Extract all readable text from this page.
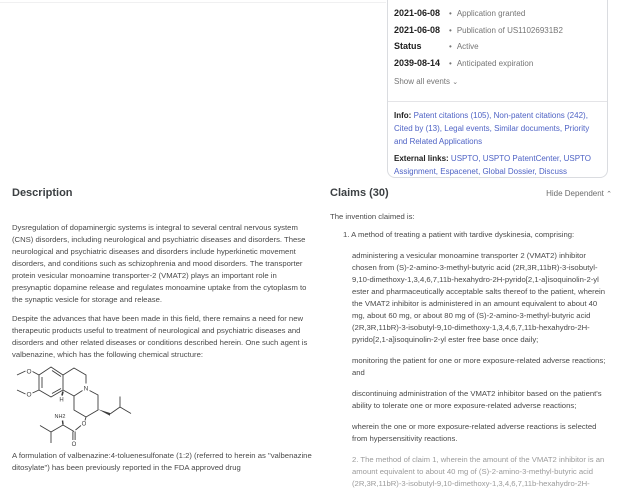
2021-06-08	• Application granted
2021-06-08	• Publication of US11026931B2
Status	• Active
2039-08-14	• Anticipated expiration
Show all events ⌄
Info: Patent citations (105), Non-patent citations (242), Cited by (13), Legal events, Similar documents, Priority and Related Applications
External links: USPTO, USPTO PatentCenter, USPTO Assignment, Espacenet, Global Dossier, Discuss
Description

Dysregulation of dopaminergic systems is integral to several central nervous system (CNS) disorders, including neurological and psychiatric diseases and disorders. These neurological and psychiatric diseases and disorders include hyperkinetic movement disorders, and conditions such as schizophrenia and mood disorders. The transporter protein vesicular monoamine transporter-2 (VMAT2) plays an important role in presynaptic dopamine release and regulates monoamine uptake from the cytoplasm to the synaptic vesicle for storage and release.

Despite the advances that have been made in this field, there remains a need for new therapeutic products useful to treatment of neurological and psychiatric diseases and disorders and other related diseases or conditions described herein. One such agent is valbenazine, which has the following chemical structure:

O
O
N
H
NH2
O
O

A formulation of valbenazine:4-toluenesulfonate (1:2) (referred to herein as "valbenazine ditosylate") has been previously reported in the FDA approved drug

Claims (30)	Hide Dependent ⌃
The invention claimed is:
1. A method of treating a patient with tardive dyskinesia, comprising:
administering a vesicular monoamine transporter 2 (VMAT2) inhibitor chosen from (S)-2-amino-3-methyl-butyric acid (2R,3R,11bR)-3-isobutyl-9,10-dimethoxy-1,3,4,6,7,11b-hexahydro-2H-pyrido[2,1-a]isoquinolin-2-yl ester and pharmaceutically acceptable salts thereof to the patient, wherein the VMAT2 inhibitor is administered in an amount equivalent to about 40 mg, about 60 mg, or about 80 mg of (S)-2-amino-3-methyl-butyric acid (2R,3R,11bR)-3-isobutyl-9,10-dimethoxy-1,3,4,6,7,11b-hexahydro-2H-pyrido[2,1-a]isoquinolin-2-yl ester free base once daily;
monitoring the patient for one or more exposure-related adverse reactions; and
discontinuing administration of the VMAT2 inhibitor based on the patient's ability to tolerate one or more exposure-related adverse reactions;
wherein the one or more exposure-related adverse reactions is selected from hypersensitivity reactions.
2. The method of claim 1, wherein the amount of the VMAT2 inhibitor is an amount equivalent to about 40 mg of (S)-2-amino-3-methyl-butyric acid (2R,3R,11bR)-3-isobutyl-9,10-dimethoxy-1,3,4,6,7,11b-hexahydro-2H-
